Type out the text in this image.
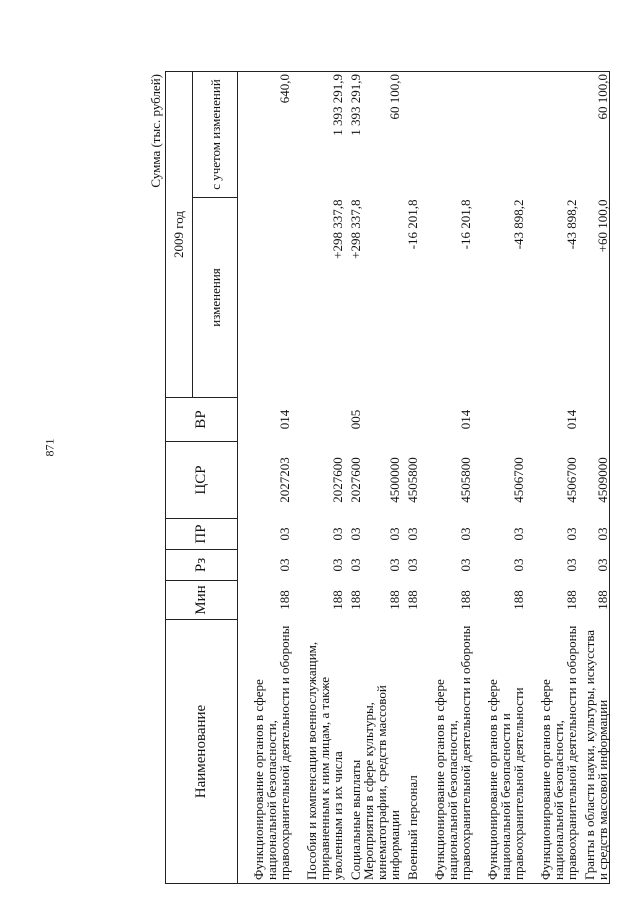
871
Сумма (тыс. рублей)
Наименование	Мин	Рз	ПР	ЦСР	ВР	2009 год	
						изменения	с учетом изменений
Функционирование органов в сфере национальной безопасности, правоохранительной деятельности и обороны	188	03	03	2027203	014		640,0
Пособия и компенсации военнослужащим, приравненным к ним лицам, а также уволенным из их числа	188	03	03	2027600		+298 337,8	1 393 291,9
Социальные выплаты	188	03	03	2027600	005	+298 337,8	1 393 291,9
Мероприятия в сфере культуры, кинематографии, средств массовой информации	188	03	03	4500000			60 100,0
Военный персонал	188	03	03	4505800		-16 201,8	
Функционирование органов в сфере национальной безопасности, правоохранительной деятельности и обороны	188	03	03	4505800	014	-16 201,8	
Функционирование органов в сфере национальной безопасности и правоохранительной деятельности	188	03	03	4506700		-43 898,2	
Функционирование органов в сфере национальной безопасности, правоохранительной деятельности и обороны	188	03	03	4506700	014	-43 898,2	
Гранты в области науки, культуры, искусства и средств массовой информации	188	03	03	4509000		+60 100,0	60 100,0
